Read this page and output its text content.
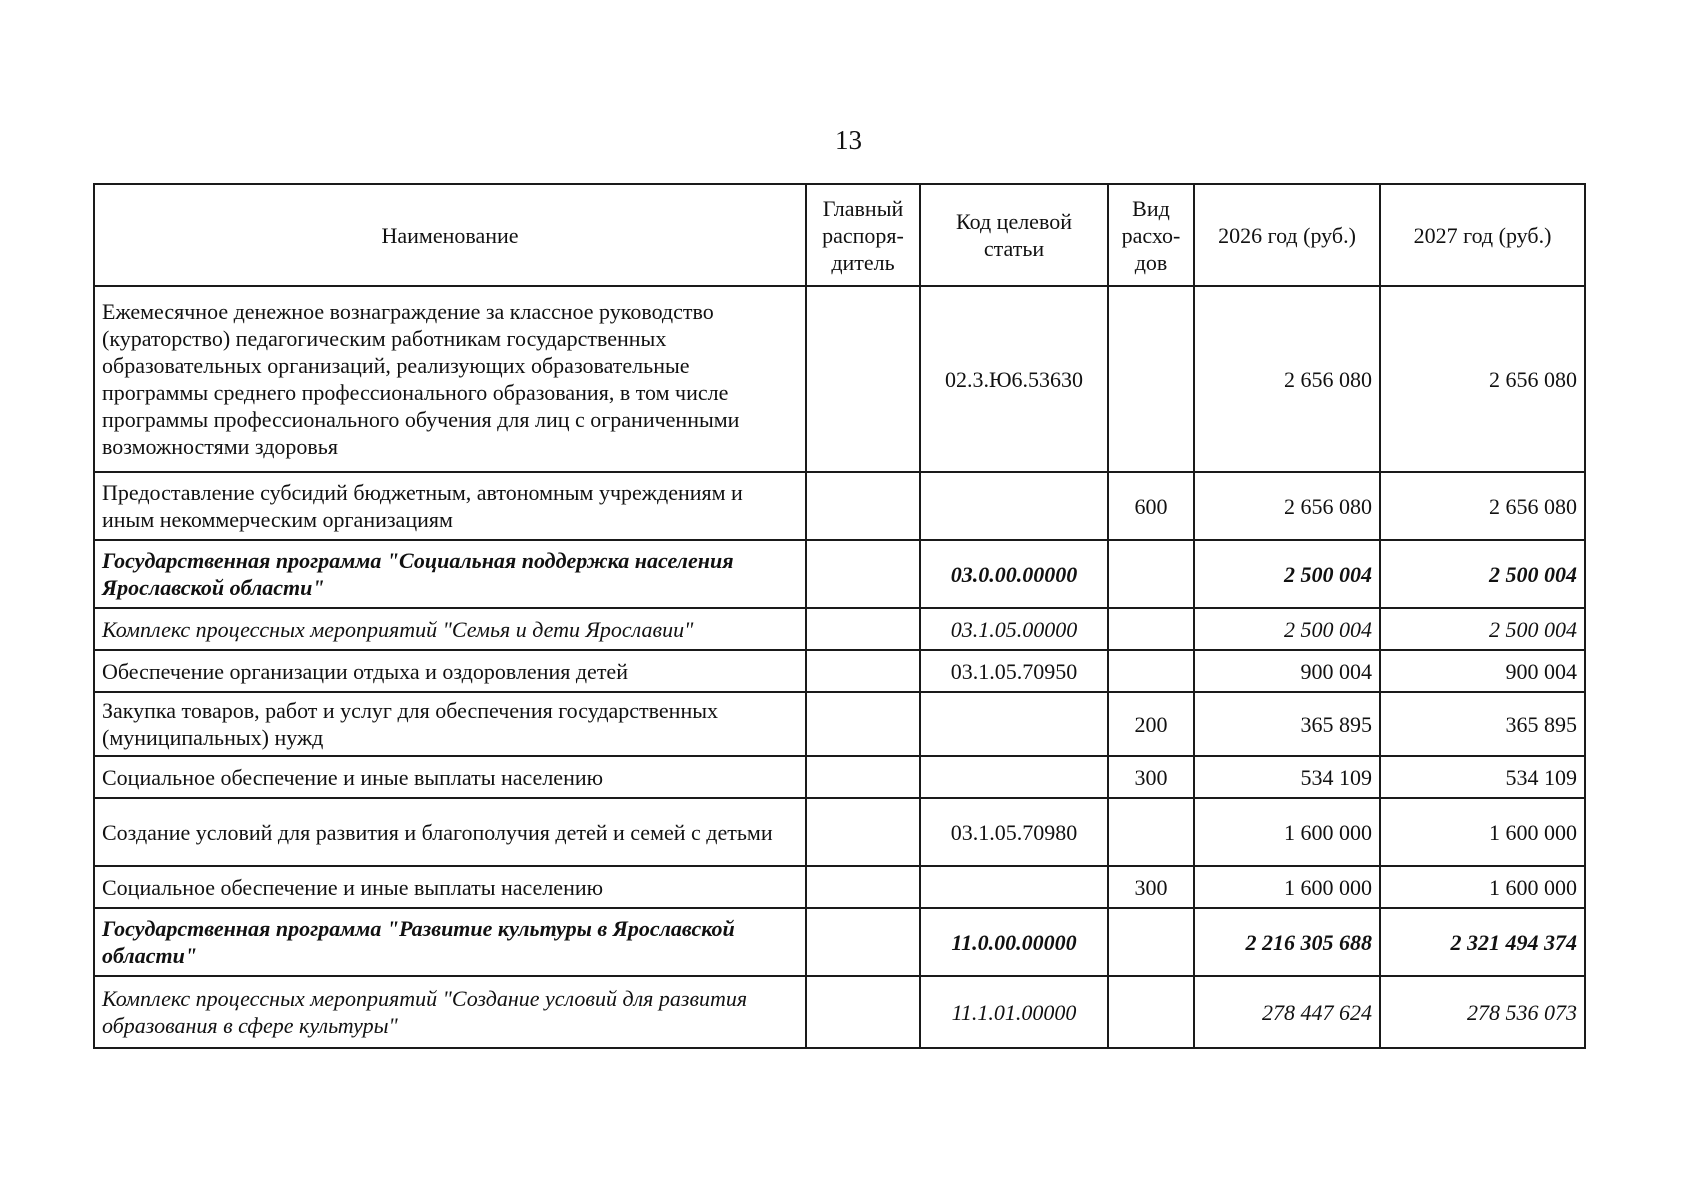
13
Наименование	Главный распоря-дитель	Код целевой статьи	Вид расхо-дов	2026 год (руб.)	2027 год (руб.)
Ежемесячное денежное вознаграждение за классное руководство (кураторство) педагогическим работникам государственных образовательных организаций, реализующих образовательные программы среднего профессионального образования, в том числе программы профессионального обучения для лиц с ограниченными возможностями здоровья		02.3.Ю6.53630		2 656 080	2 656 080
Предоставление субсидий бюджетным, автономным учреждениям и иным некоммерческим организациям			600	2 656 080	2 656 080
Государственная программа "Социальная поддержка населения Ярославской области"		03.0.00.00000		2 500 004	2 500 004
Комплекс процессных мероприятий "Семья и дети Ярославии"		03.1.05.00000		2 500 004	2 500 004
Обеспечение организации отдыха и оздоровления детей		03.1.05.70950		900 004	900 004
Закупка товаров, работ и услуг для обеспечения государственных (муниципальных) нужд			200	365 895	365 895
Социальное обеспечение и иные выплаты населению			300	534 109	534 109
Создание условий для развития и благополучия детей и семей с детьми		03.1.05.70980		1 600 000	1 600 000
Социальное обеспечение и иные выплаты населению			300	1 600 000	1 600 000
Государственная программа "Развитие культуры в Ярославской области"		11.0.00.00000		2 216 305 688	2 321 494 374
Комплекс процессных мероприятий "Создание условий для развития образования в сфере культуры"		11.1.01.00000		278 447 624	278 536 073
